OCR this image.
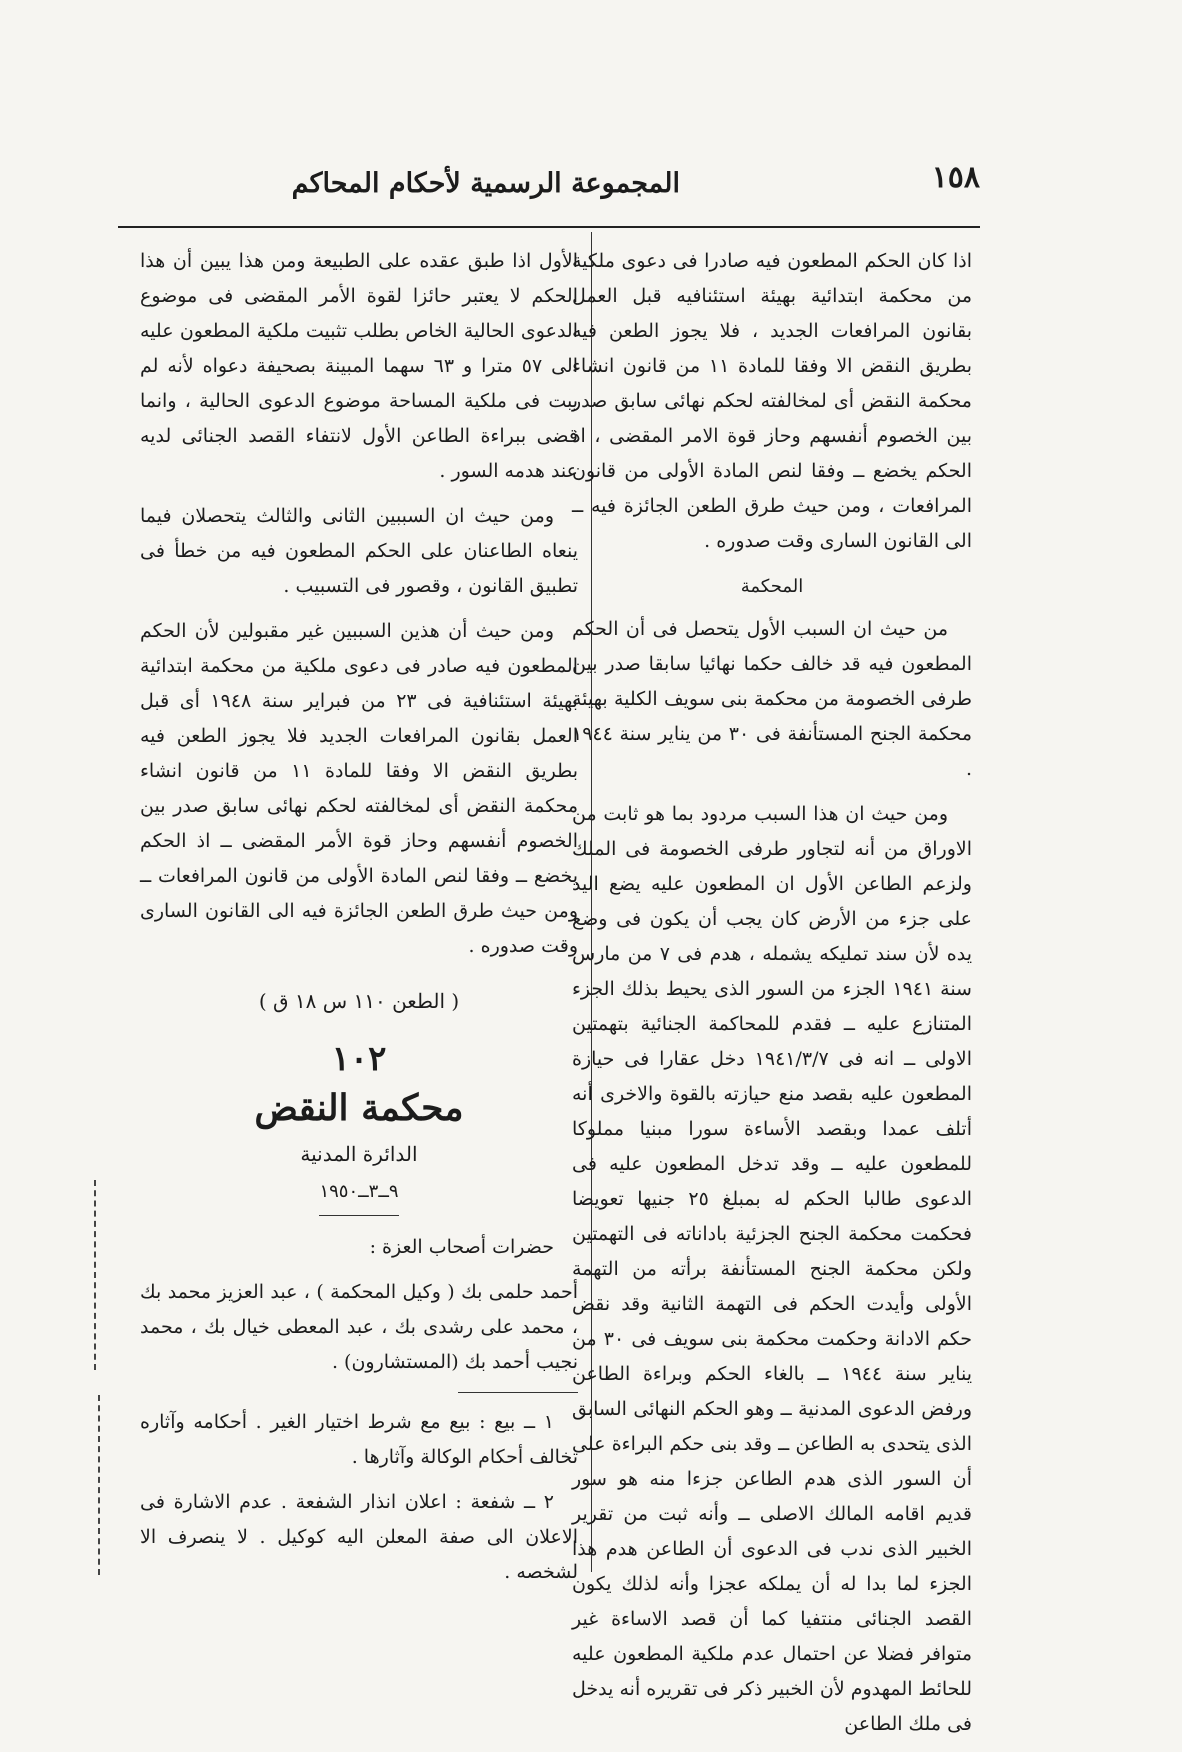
١٥٨
المجموعة الرسمية لأحكام المحاكم

اذا كان الحكم المطعون فيه صادرا فى دعوى ملكية من محكمة ابتدائية بهيئة استئنافيه قبل العمل بقانون المرافعات الجديد ، فلا يجوز الطعن فيه بطريق النقض الا وفقا للمادة ١١ من قانون انشاء محكمة النقض أى لمخالفته لحكم نهائى سابق صدر بين الخصوم أنفسهم وحاز قوة الامر المقضى ، اذ الحكم يخضع ــ وفقا لنص المادة الأولى من قانون المرافعات ، ومن حيث طرق الطعن الجائزة فيه ــ الى القانون السارى وقت صدوره .

المحكمة

من حيث ان السبب الأول يتحصل فى أن الحكم المطعون فيه قد خالف حكما نهائيا سابقا صدر بين طرفى الخصومة من محكمة بنى سويف الكلية بهيئة محكمة الجنح المستأنفة فى ٣٠ من يناير سنة ١٩٤٤ .

ومن حيث ان هذا السبب مردود بما هو ثابت من الاوراق من أنه لتجاور طرفى الخصومة فى الملك ولزعم الطاعن الأول ان المطعون عليه يضع اليد على جزء من الأرض كان يجب أن يكون فى وضع يده لأن سند تمليكه يشمله ، هدم فى ٧ من مارس سنة ١٩٤١ الجزء من السور الذى يحيط بذلك الجزء المتنازع عليه ــ فقدم للمحاكمة الجنائية بتهمتين الاولى ــ انه فى ١٩٤١/٣/٧ دخل عقارا فى حيازة المطعون عليه بقصد منع حيازته بالقوة والاخرى أنه أتلف عمدا وبقصد الأساءة سورا مبنيا مملوكا للمطعون عليه ــ وقد تدخل المطعون عليه فى الدعوى طالبا الحكم له بمبلغ ٢٥ جنيها تعويضا فحكمت محكمة الجنح الجزئية باداناته فى التهمتين ولكن محكمة الجنح المستأنفة برأته من التهمة الأولى وأيدت الحكم فى التهمة الثانية وقد نقض حكم الادانة وحكمت محكمة بنى سويف فى ٣٠ من يناير سنة ١٩٤٤ ــ بالغاء الحكم وبراءة الطاعن ورفض الدعوى المدنية ــ وهو الحكم النهائى السابق الذى يتحدى به الطاعن ــ وقد بنى حكم البراءة على أن السور الذى هدم الطاعن جزءا منه هو سور قديم اقامه المالك الاصلى ــ وأنه ثبت من تقرير الخبير الذى ندب فى الدعوى أن الطاعن هدم هذا الجزء لما بدا له أن يملكه عجزا وأنه لذلك يكون القصد الجنائى منتفيا كما أن قصد الاساءة غير متوافر فضلا عن احتمال عدم ملكية المطعون عليه للحائط المهدوم لأن الخبير ذكر فى تقريره أنه يدخل فى ملك الطاعن

الأول اذا طبق عقده على الطبيعة ومن هذا يبين أن هذا الحكم لا يعتبر حائزا لقوة الأمر المقضى فى موضوع الدعوى الحالية الخاص بطلب تثبيت ملكية المطعون عليه الى ٥٧ مترا و ٦٣ سهما المبينة بصحيفة دعواه لأنه لم يبت فى ملكية المساحة موضوع الدعوى الحالية ، وانما قضى ببراءة الطاعن الأول لانتفاء القصد الجنائى لديه عند هدمه السور .

ومن حيث ان السببين الثانى والثالث يتحصلان فيما ينعاه الطاعنان على الحكم المطعون فيه من خطأ فى تطبيق القانون ، وقصور فى التسبيب .

ومن حيث أن هذين السببين غير مقبولين لأن الحكم المطعون فيه صادر فى دعوى ملكية من محكمة ابتدائية بهيئة استئنافية فى ٢٣ من فبراير سنة ١٩٤٨ أى قبل العمل بقانون المرافعات الجديد فلا يجوز الطعن فيه بطريق النقض الا وفقا للمادة ١١ من قانون انشاء محكمة النقض أى لمخالفته لحكم نهائى سابق صدر بين الخصوم أنفسهم وحاز قوة الأمر المقضى ــ اذ الحكم يخضع ــ وفقا لنص المادة الأولى من قانون المرافعات ــ ومن حيث طرق الطعن الجائزة فيه الى القانون السارى وقت صدوره .

( الطعن ١١٠ س ١٨ ق )
١٠٢
محكمة النقض
الدائرة المدنية
٩ــ٣ــ١٩٥٠

حضرات أصحاب العزة :

أحمد حلمى بك ( وكيل المحكمة ) ، عبد العزيز محمد بك ، محمد على رشدى بك ، عبد المعطى خيال بك ، محمد نجيب أحمد بك (المستشارون) .

١ ــ بيع : بيع مع شرط اختيار الغير . أحكامه وآثاره تخالف أحكام الوكالة وآثارها .

٢ ــ شفعة : اعلان انذار الشفعة . عدم الاشارة فى الاعلان الى صفة المعلن اليه كوكيل . لا ينصرف الا لشخصه .
